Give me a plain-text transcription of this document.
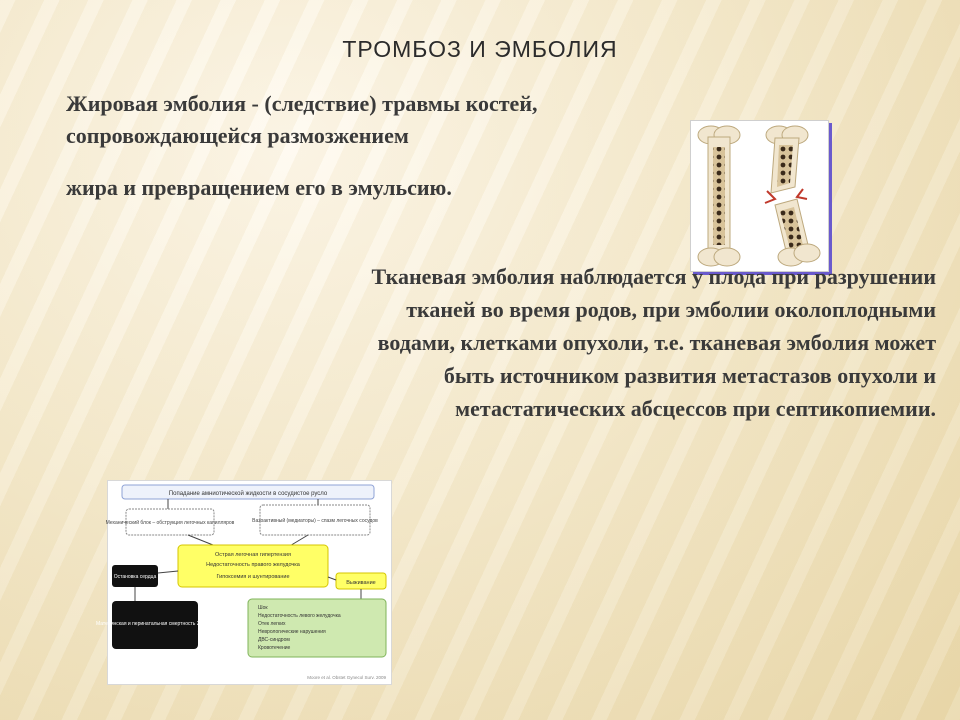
ТРОМБОЗ И ЭМБОЛИЯ
Жировая эмболия - (следствие) травмы костей,
сопровождающейся размозжением
жира и превращением его в эмульсию.
Тканевая эмболия наблюдается у плода при разрушении
тканей во время родов, при эмболии околоплодными
водами, клетками опухоли, т.е. тканевая эмболия может
быть источником развития метастазов опухоли и
метастатических абсцессов при септикопиемии.
Попадание амниотической жидкости в сосудистое русло
Механический блок – обструкция легочных капилляров	Вазоактивный (медиаторы) – спазм легочных сосудов
Острая легочная гипертензия
Недостаточность правого желудочка
Гипоксемия и шунтирование
Остановка сердца
Выживание
Материнская и перинатальная смертность 25-40%
Шок
Недостаточность левого желудочка
Отек легких
Неврологические нарушения
ДВС-синдром
Кровотечение
Moore et al. Obstet Gynecol Surv. 2009
